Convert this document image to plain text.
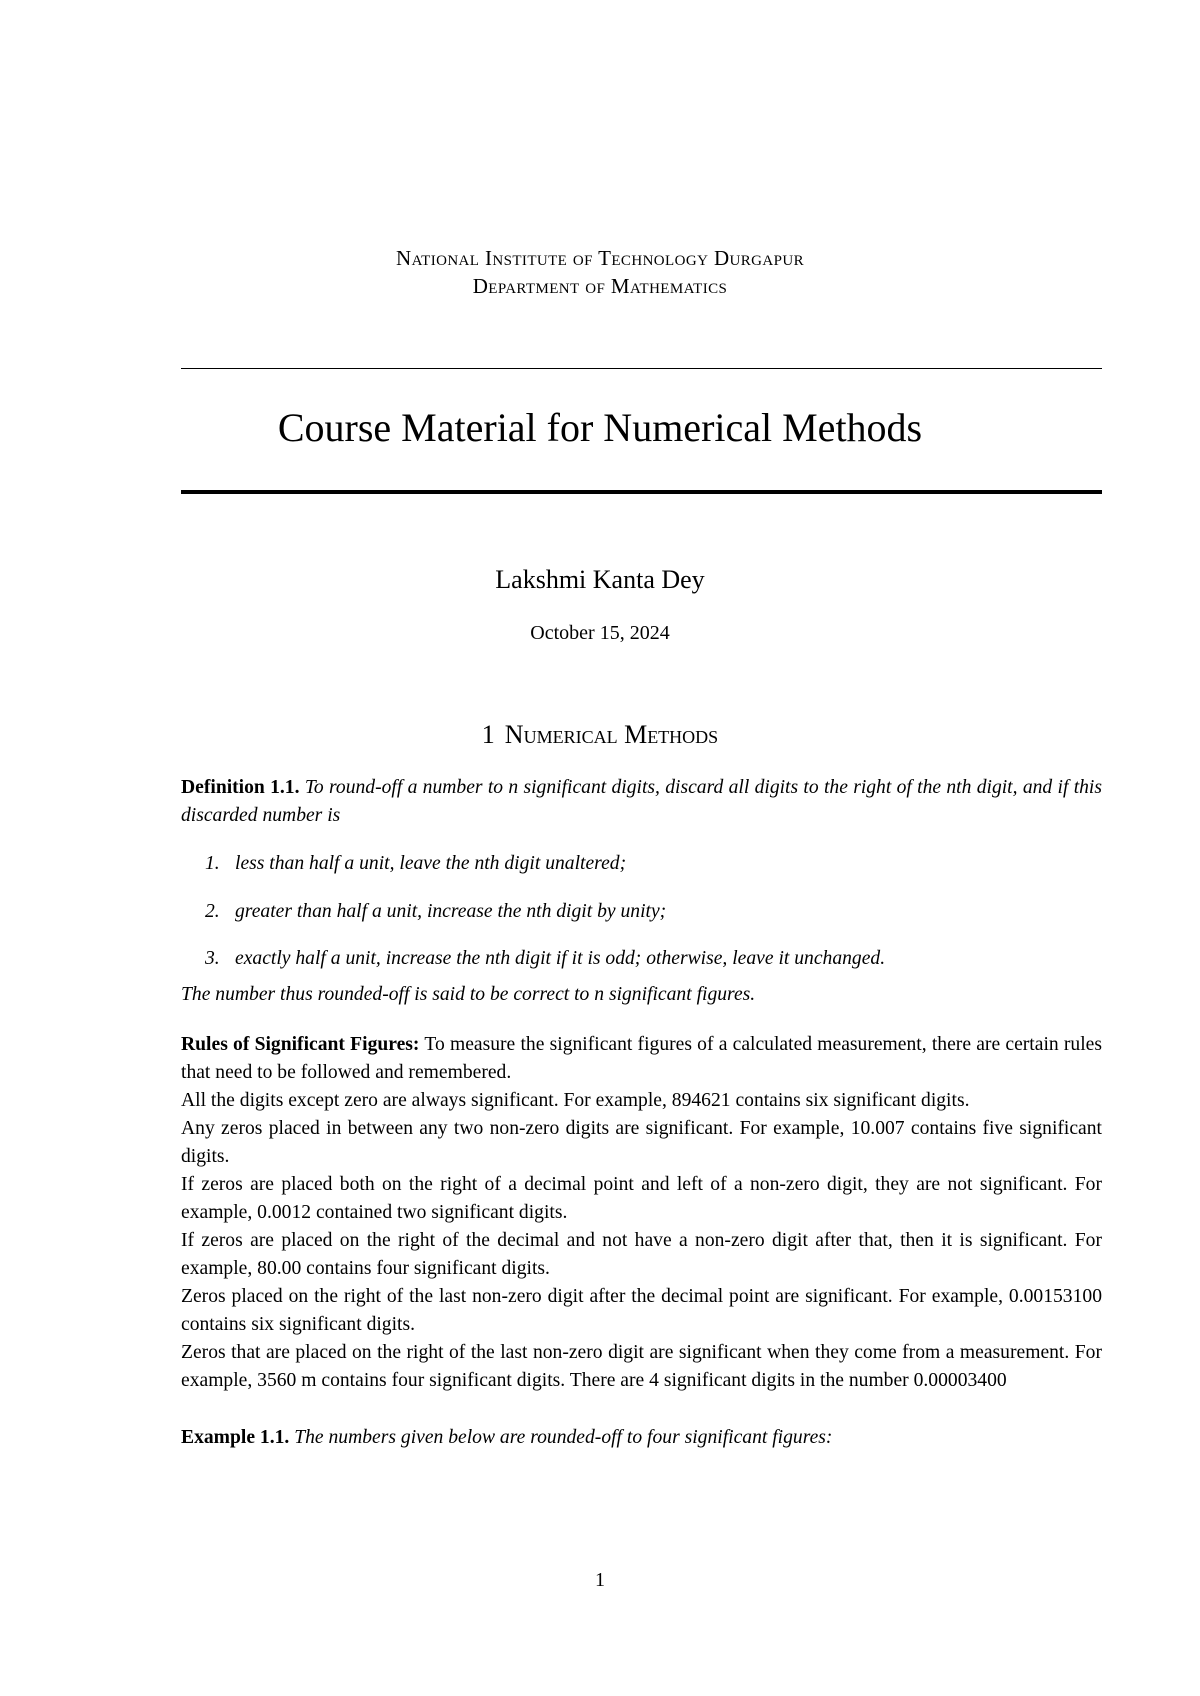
National Institute of Technology Durgapur
Department of Mathematics
Course Material for Numerical Methods
Lakshmi Kanta Dey
October 15, 2024
1 Numerical Methods
Definition 1.1. To round-off a number to n significant digits, discard all digits to the right of the nth digit, and if this discarded number is
1. less than half a unit, leave the nth digit unaltered;
2. greater than half a unit, increase the nth digit by unity;
3. exactly half a unit, increase the nth digit if it is odd; otherwise, leave it unchanged.
The number thus rounded-off is said to be correct to n significant figures.

Rules of Significant Figures: To measure the significant figures of a calculated measurement, there are certain rules that need to be followed and remembered.

All the digits except zero are always significant. For example, 894621 contains six significant digits.

Any zeros placed in between any two non-zero digits are significant. For example, 10.007 contains five significant digits.

If zeros are placed both on the right of a decimal point and left of a non-zero digit, they are not significant. For example, 0.0012 contained two significant digits.

If zeros are placed on the right of the decimal and not have a non-zero digit after that, then it is significant. For example, 80.00 contains four significant digits.

Zeros placed on the right of the last non-zero digit after the decimal point are significant. For example, 0.00153100 contains six significant digits.

Zeros that are placed on the right of the last non-zero digit are significant when they come from a measurement. For example, 3560 m contains four significant digits. There are 4 significant digits in the number 0.00003400

Example 1.1. The numbers given below are rounded-off to four significant figures:
1
